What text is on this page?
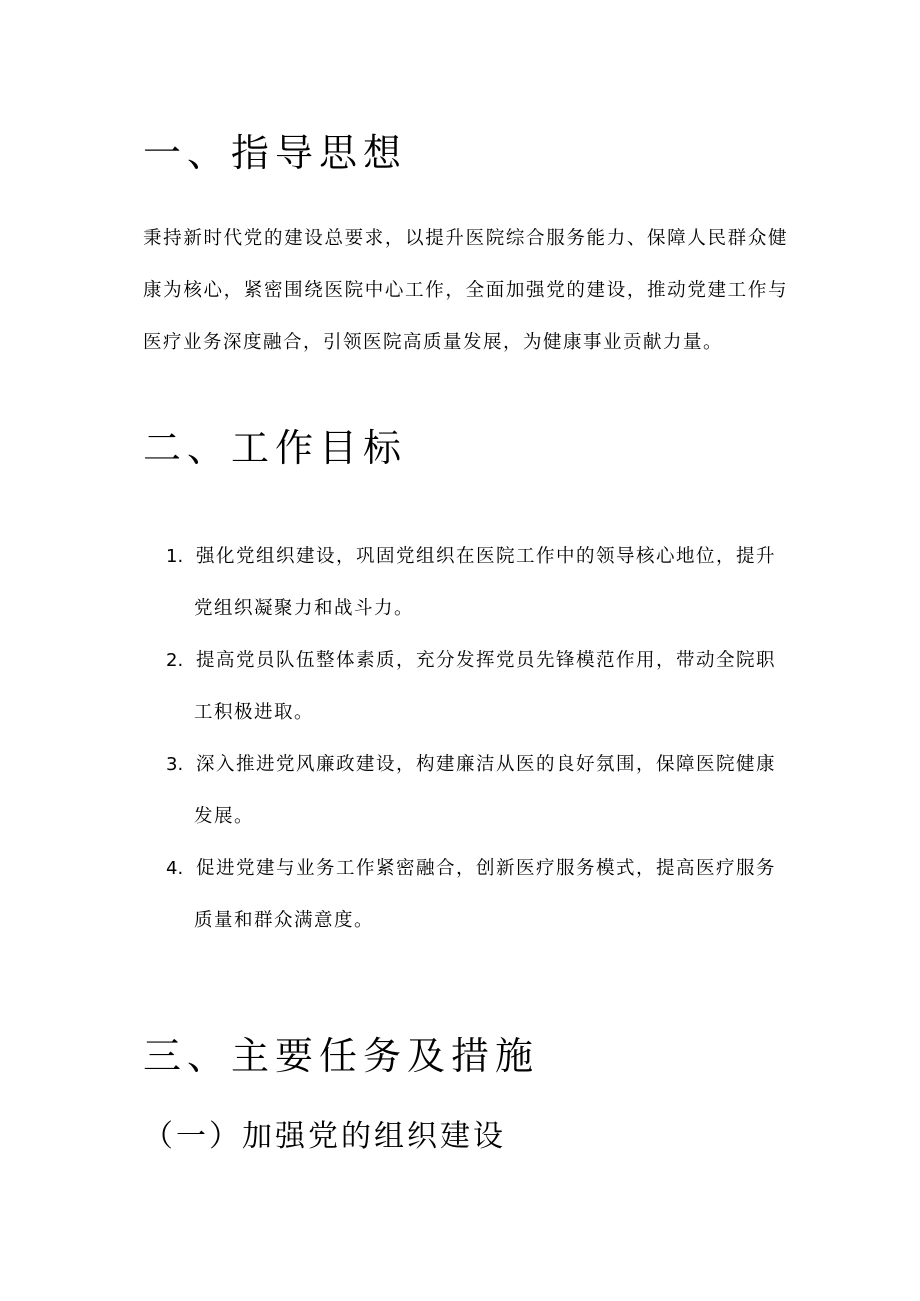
一、指导思想

秉持新时代党的建设总要求，以提升医院综合服务能力、保障人民群众健康为核心，紧密围绕医院中心工作，全面加强党的建设，推动党建工作与医疗业务深度融合，引领医院高质量发展，为健康事业贡献力量。

二、工作目标
1. 强化党组织建设，巩固党组织在医院工作中的领导核心地位，提升
党组织凝聚力和战斗力。
2. 提高党员队伍整体素质，充分发挥党员先锋模范作用，带动全院职
工积极进取。
3. 深入推进党风廉政建设，构建廉洁从医的良好氛围，保障医院健康
发展。
4. 促进党建与业务工作紧密融合，创新医疗服务模式，提高医疗服务
质量和群众满意度。
三、主要任务及措施
（一）加强党的组织建设
